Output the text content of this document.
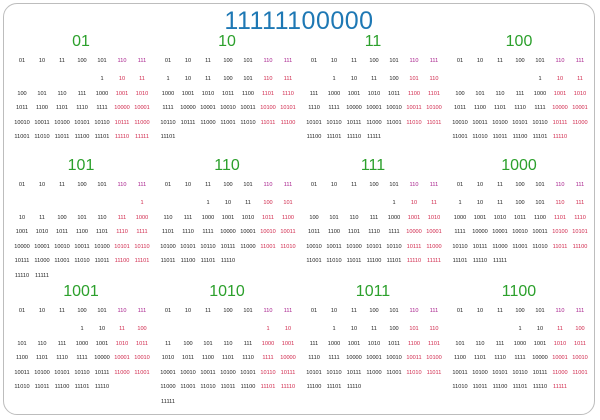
11111100000
01
01	10	11	100	101	110	111
1	10	11
100	101	110	111	1000	1001	1010
1011	1100	1101	1110	1111	10000 10001
10010 10011 10100 10101 10110 10111 11000
11001 11010 11011 11100 11101 11110	11111
10
01	10	11	100	101	110	111
1	10	11	100	101	110	111
1000	1001	1010	1011	1100	1101	1110
1111	10000 10001 10010 10011 10100 10101
10110 10111 11000 11001 11010 11011 11100
11101
11
01	10	11	100	101	110	111
1	10	11	100	101	110
111	1000	1001	1010	1011	1100	1101
1110	1111	10000 10001 10010 10011 10100
10101 10110 10111 11000 11001 11010 11011
11100 11101 11110	11111
100
01	10	11	100	101	110	111
1	10	11
100	101	110	111	1000	1001	1010
1011	1100	1101	1110	1111	10000 10001
10010 10011 10100 10101 10110 10111 11000
11001 11010 11011 11100 11101 11110
101
01	10	11	100	101	110	111
1
10	11	100	101	110	111	1000
1001	1010	1011	1100	1101	1110	1111
10000 10001 10010 10011 10100 10101 10110
10111 11000 11001 11010 11011 11100 11101
11110	11111
110
01	10	11	100	101	110	111
1	10	11	100	101
110	111	1000	1001	1010	1011	1100
1101	1110	1111	10000 10001 10010 10011
10100 10101 10110 10111 11000 11001 11010
11011 11100 11101 11110
111
01	10	11	100	101	110	111
1	10	11
100	101	110	111	1000	1001	1010
1011	1100	1101	1110	1111	10000 10001
10010 10011 10100 10101 10110 10111 11000
11001 11010 11011 11100 11101 11110	11111
1000
01	10	11	100	101	110	111
1	10	11	100	101	110	111
1000	1001	1010	1011	1100	1101	1110
1111	10000 10001 10010 10011 10100 10101
10110 10111 11000 11001 11010 11011 11100
11101 11110	11111
1001
01	10	11	100	101	110	111
1	10	11	100
101	110	111	1000	1001	1010	1011
1100	1101	1110	1111	10000 10001 10010
10011 10100 10101 10110 10111 11000 11001
11010 11011 11100 11101 11110
1010
01	10	11	100	101	110	111
1	10
11	100	101	110	111	1000	1001
1010	1011	1100	1101	1110	1111	10000
10001 10010 10011 10100 10101 10110 10111
11000 11001 11010 11011 11100 11101 11110
11111
1011
01	10	11	100	101	110	111
1	10	11	100	101	110
111	1000	1001	1010	1011	1100	1101
1110	1111	10000 10001 10010 10011 10100
10101 10110 10111 11000 11001 11010 11011
11100 11101 11110
1100
01	10	11	100	101	110	111
1	10	11	100
101	110	111	1000	1001	1010	1011
1100	1101	1110	1111	10000 10001 10010
10011 10100 10101 10110 10111 11000 11001
11010 11011 11100 11101 11110	11111
